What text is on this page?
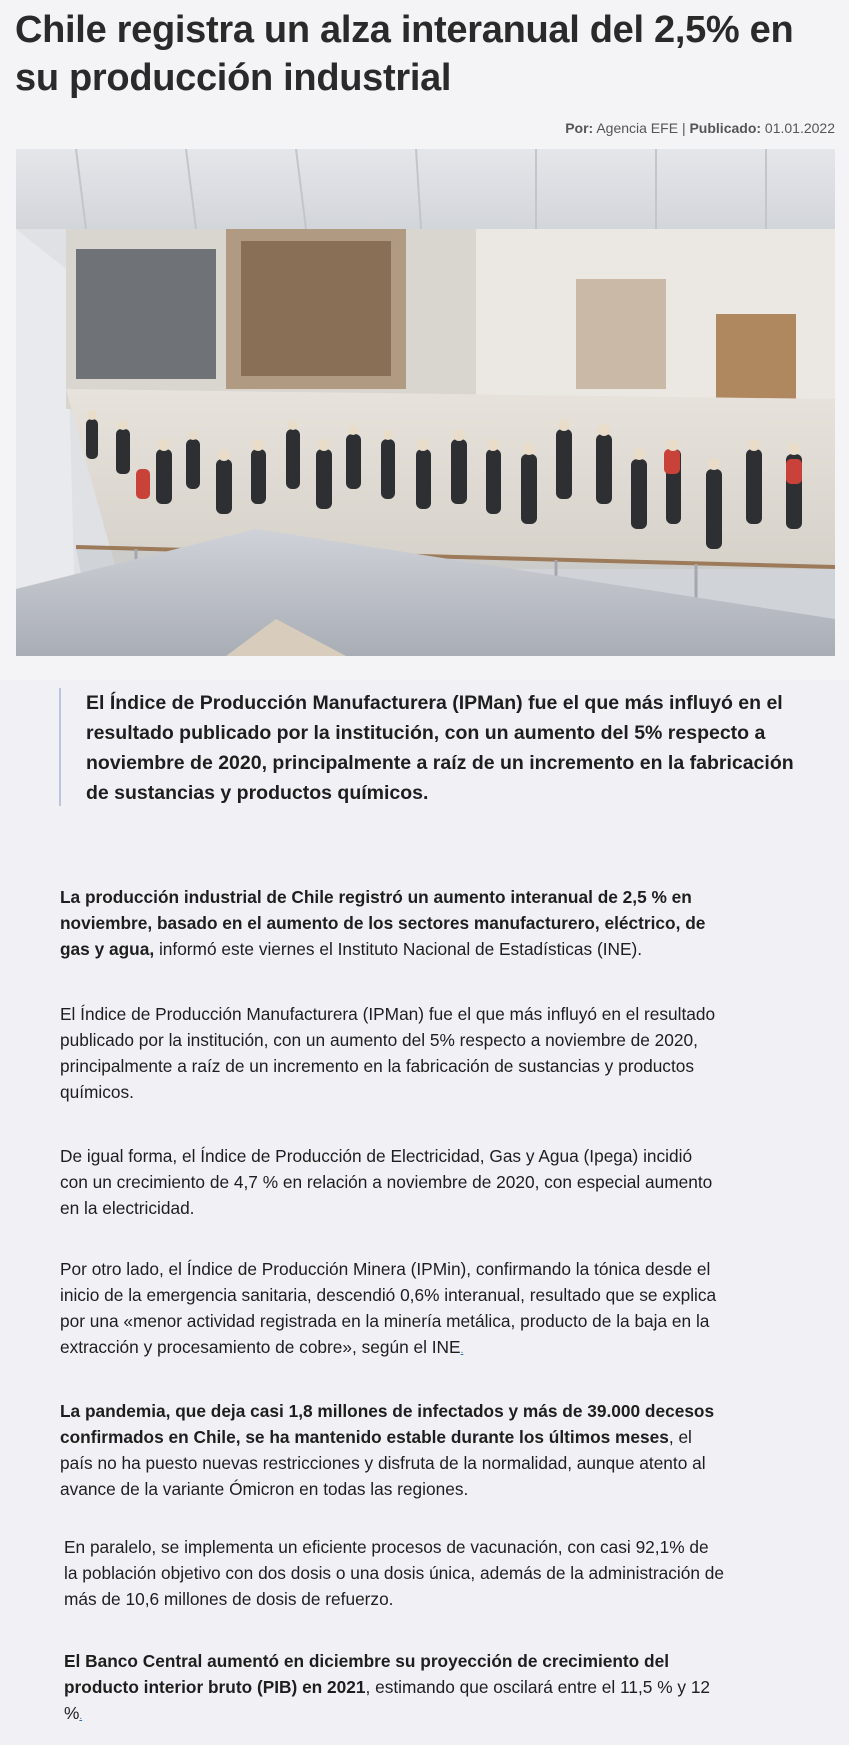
Chile registra un alza interanual del 2,5% en su producción industrial
Por: Agencia EFE | Publicado: 01.01.2022

El Índice de Producción Manufacturera (IPMan) fue el que más influyó en el resultado publicado por la institución, con un aumento del 5% respecto a noviembre de 2020, principalmente a raíz de un incremento en la fabricación de sustancias y productos químicos.

La producción industrial de Chile registró un aumento interanual de 2,5 % en noviembre, basado en el aumento de los sectores manufacturero, eléctrico, de gas y agua, informó este viernes el Instituto Nacional de Estadísticas (INE).

El Índice de Producción Manufacturera (IPMan) fue el que más influyó en el resultado publicado por la institución, con un aumento del 5% respecto a noviembre de 2020, principalmente a raíz de un incremento en la fabricación de sustancias y productos químicos.

De igual forma, el Índice de Producción de Electricidad, Gas y Agua (Ipega) incidió con un crecimiento de 4,7 % en relación a noviembre de 2020, con especial aumento en la electricidad.

Por otro lado, el Índice de Producción Minera (IPMin), confirmando la tónica desde el inicio de la emergencia sanitaria, descendió 0,6% interanual, resultado que se explica por una «menor actividad registrada en la minería metálica, producto de la baja en la extracción y procesamiento de cobre», según el INE.

La pandemia, que deja casi 1,8 millones de infectados y más de 39.000 decesos confirmados en Chile, se ha mantenido estable durante los últimos meses, el país no ha puesto nuevas restricciones y disfruta de la normalidad, aunque atento al avance de la variante Ómicron en todas las regiones.

En paralelo, se implementa un eficiente procesos de vacunación, con casi 92,1% de la población objetivo con dos dosis o una dosis única, además de la administración de más de 10,6 millones de dosis de refuerzo.

El Banco Central aumentó en diciembre su proyección de crecimiento del producto interior bruto (PIB) en 2021, estimando que oscilará entre el 11,5 % y 12 %.
